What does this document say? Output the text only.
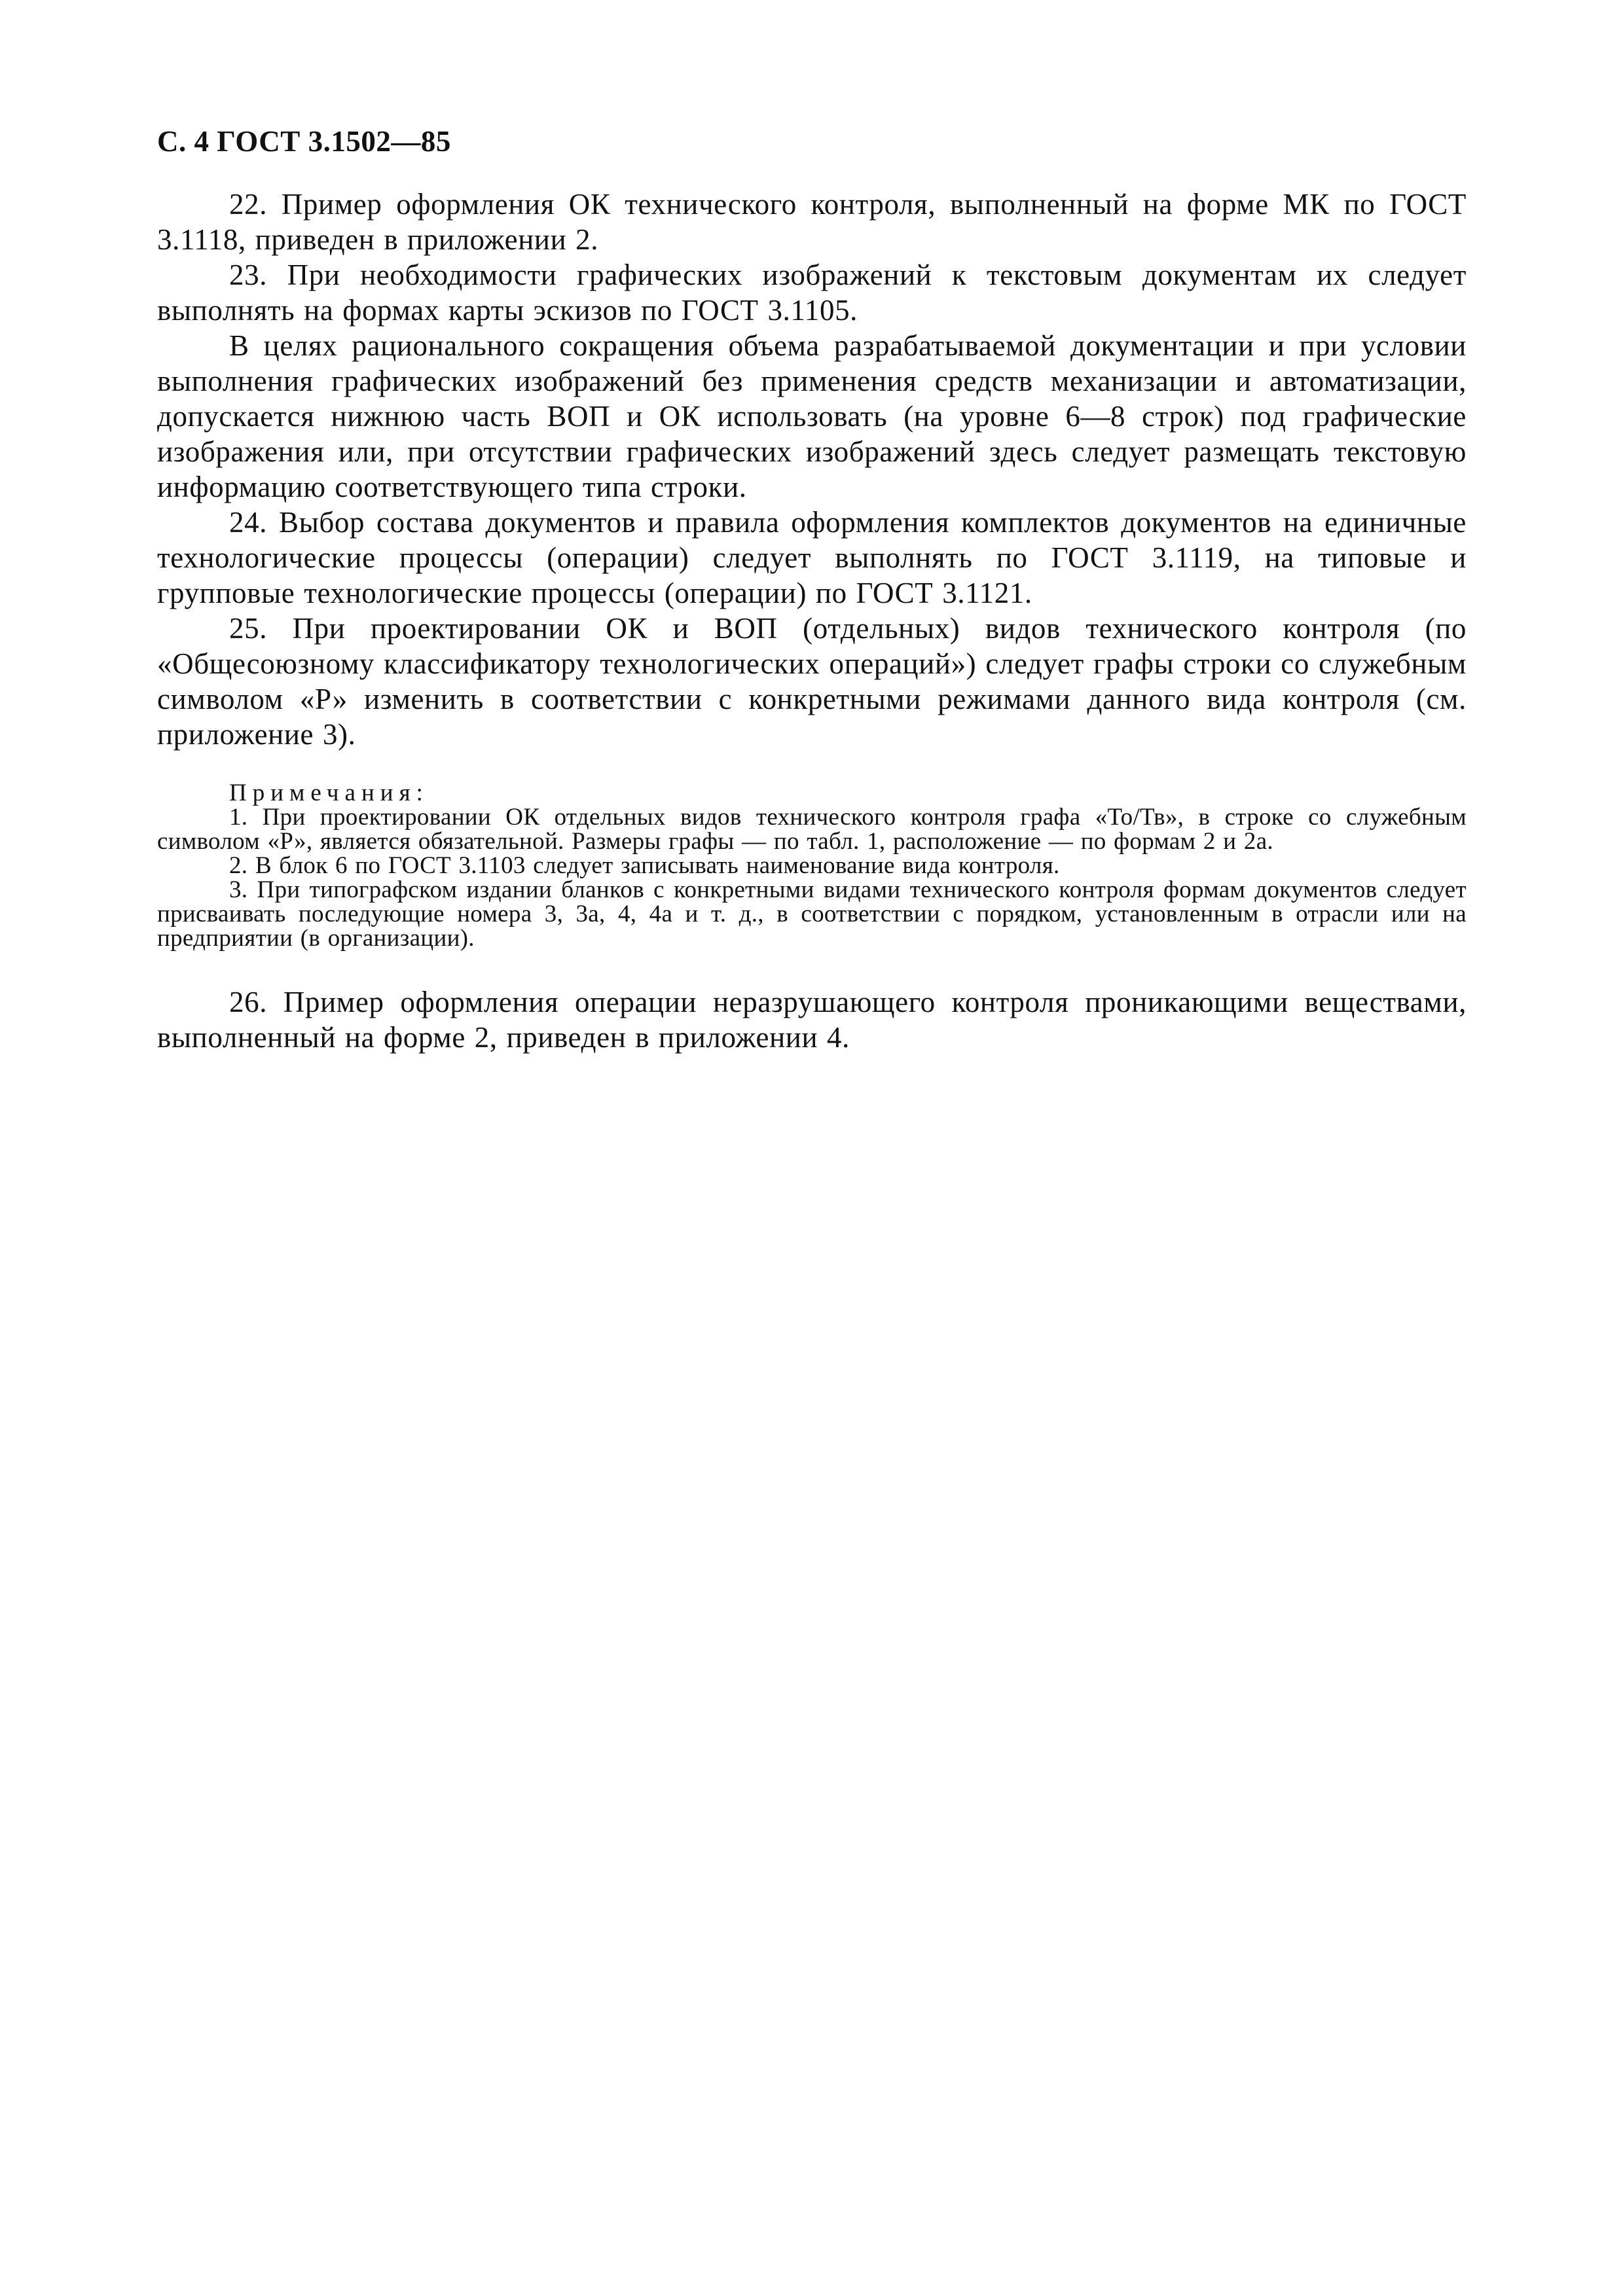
С. 4 ГОСТ 3.1502—85

22. Пример оформления ОК технического контроля, выполненный на форме МК по ГОСТ 3.1118, приведен в приложении 2.

23. При необходимости графических изображений к текстовым документам их следует выполнять на формах карты эскизов по ГОСТ 3.1105.

В целях рационального сокращения объема разрабатываемой документации и при условии выполнения графических изображений без применения средств механизации и автоматизации, допускается нижнюю часть ВОП и ОК использовать (на уровне 6—8 строк) под графические изображения или, при отсутствии графических изображений здесь следует размещать текстовую информацию соответствующего типа строки.

24. Выбор состава документов и правила оформления комплектов документов на единичные технологические процессы (операции) следует выполнять по ГОСТ 3.1119, на типовые и групповые технологические процессы (операции) по ГОСТ 3.1121.

25. При проектировании ОК и ВОП (отдельных) видов технического контроля (по «Общесоюзному классификатору технологических операций») следует графы строки со служебным символом «Р» изменить в соответствии с конкретными режимами данного вида контроля (см. приложение 3).

Примечания:

1. При проектировании ОК отдельных видов технического контроля графа «То/Тв», в строке со служебным символом «Р», является обязательной. Размеры графы — по табл. 1, расположение — по формам 2 и 2а.

2. В блок 6 по ГОСТ 3.1103 следует записывать наименование вида контроля.

3. При типографском издании бланков с конкретными видами технического контроля формам документов следует присваивать последующие номера 3, 3а, 4, 4а и т. д., в соответствии с порядком, установленным в отрасли или на предприятии (в организации).

26. Пример оформления операции неразрушающего контроля проникающими веществами, выполненный на форме 2, приведен в приложении 4.
